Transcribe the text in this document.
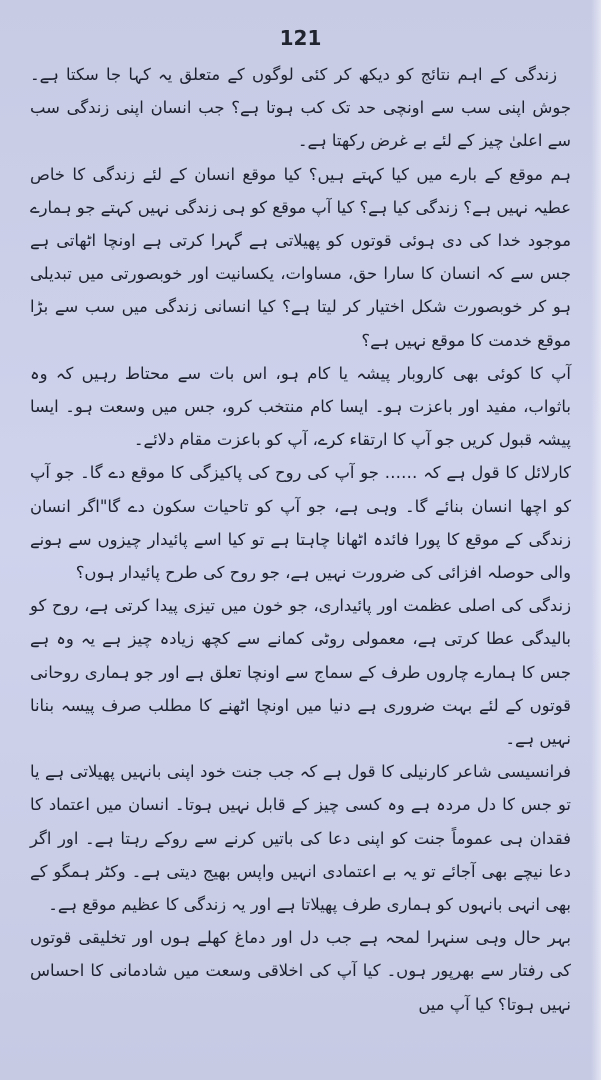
121

زندگی کے اہم نتائج کو دیکھ کر کئی لوگوں کے متعلق یہ کہا جا سکتا ہے۔ جوش اپنی سب سے اونچی حد تک کب ہوتا ہے؟ جب انسان اپنی زندگی سب سے اعلیٰ چیز کے لئے بے غرض رکھتا ہے۔

ہم موقع کے بارے میں کیا کہتے ہیں؟ کیا موقع انسان کے لئے زندگی کا خاص عطیہ نہیں ہے؟ زندگی کیا ہے؟ کیا آپ موقع کو ہی زندگی نہیں کہتے جو ہمارے موجود خدا کی دی ہوئی قوتوں کو پھیلاتی ہے گہرا کرتی ہے اونچا اٹھاتی ہے جس سے کہ انسان کا سارا حق، مساوات، یکسانیت اور خوبصورتی میں تبدیلی ہو کر خوبصورت شکل اختیار کر لیتا ہے؟ کیا انسانی زندگی میں سب سے بڑا موقع خدمت کا موقع نہیں ہے؟

آپ کا کوئی بھی کاروبار پیشہ یا کام ہو، اس بات سے محتاط رہیں کہ وہ باثواب، مفید اور باعزت ہو۔ ایسا کام منتخب کرو، جس میں وسعت ہو۔ ایسا پیشہ قبول کریں جو آپ کا ارتقاء کرے، آپ کو باعزت مقام دلائے۔

کارلائل کا قول ہے کہ …… جو آپ کی روح کی پاکیزگی کا موقع دے گا۔ جو آپ کو اچھا انسان بنائے گا۔ وہی ہے، جو آپ کو تاحیات سکون دے گا"اگر انسان زندگی کے موقع کا پورا فائدہ اٹھانا چاہتا ہے تو کیا اسے پائیدار چیزوں سے ہونے والی حوصلہ افزائی کی ضرورت نہیں ہے، جو روح کی طرح پائیدار ہوں؟

زندگی کی اصلی عظمت اور پائیداری، جو خون میں تیزی پیدا کرتی ہے، روح کو بالیدگی عطا کرتی ہے، معمولی روٹی کمانے سے کچھ زیادہ چیز ہے یہ وہ ہے جس کا ہمارے چاروں طرف کے سماج سے اونچا تعلق ہے اور جو ہماری روحانی قوتوں کے لئے بہت ضروری ہے دنیا میں اونچا اٹھنے کا مطلب صرف پیسہ بنانا نہیں ہے۔

فرانسیسی شاعر کارنیلی کا قول ہے کہ جب جنت خود اپنی بانہیں پھیلاتی ہے یا تو جس کا دل مردہ ہے وہ کسی چیز کے قابل نہیں ہوتا۔ انسان میں اعتماد کا فقدان ہی عموماً جنت کو اپنی دعا کی باتیں کرنے سے روکے رہتا ہے۔ اور اگر دعا نیچے بھی آجائے تو یہ بے اعتمادی انہیں واپس بھیج دیتی ہے۔ وکٹر ہمگو کے بھی انہی بانہوں کو ہماری طرف پھیلاتا ہے اور یہ زندگی کا عظیم موقع ہے۔

بہر حال وہی سنہرا لمحہ ہے جب دل اور دماغ کھلے ہوں اور تخلیقی قوتوں کی رفتار سے بھرپور ہوں۔ کیا آپ کی اخلاقی وسعت میں شادمانی کا احساس نہیں ہوتا؟ کیا آپ میں
